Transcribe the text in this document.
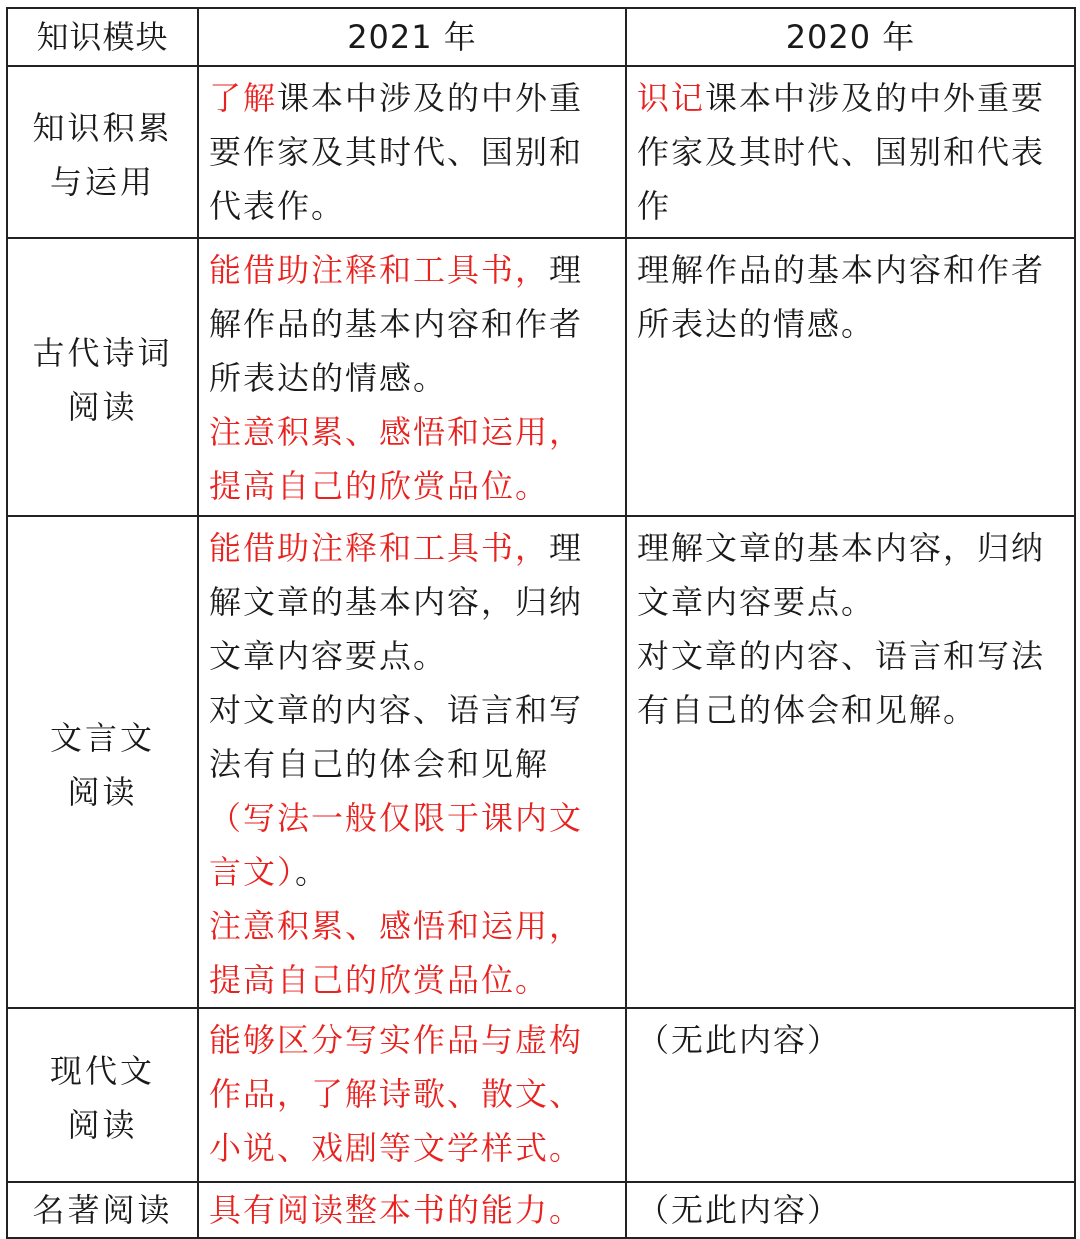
知识模块	2021 年	2020 年

知识积累
与运用	了解课本中涉及的中外重要作家及其时代、国别和代表作。	识记课本中涉及的中外重要作家及其时代、国别和代表作

古代诗词
阅读	能借助注释和工具书，理解作品的基本内容和作者所表达的情感。
注意积累、感悟和运用，提高自己的欣赏品位。	理解作品的基本内容和作者所表达的情感。

文言文
阅读	能借助注释和工具书，理解文章的基本内容，归纳文章内容要点。
对文章的内容、语言和写法有自己的体会和见解（写法一般仅限于课内文言文）。
注意积累、感悟和运用，提高自己的欣赏品位。	理解文章的基本内容，归纳文章内容要点。
对文章的内容、语言和写法有自己的体会和见解。

现代文
阅读	能够区分写实作品与虚构作品，了解诗歌、散文、小说、戏剧等文学样式。	（无此内容）

名著阅读	具有阅读整本书的能力。	（无此内容）
